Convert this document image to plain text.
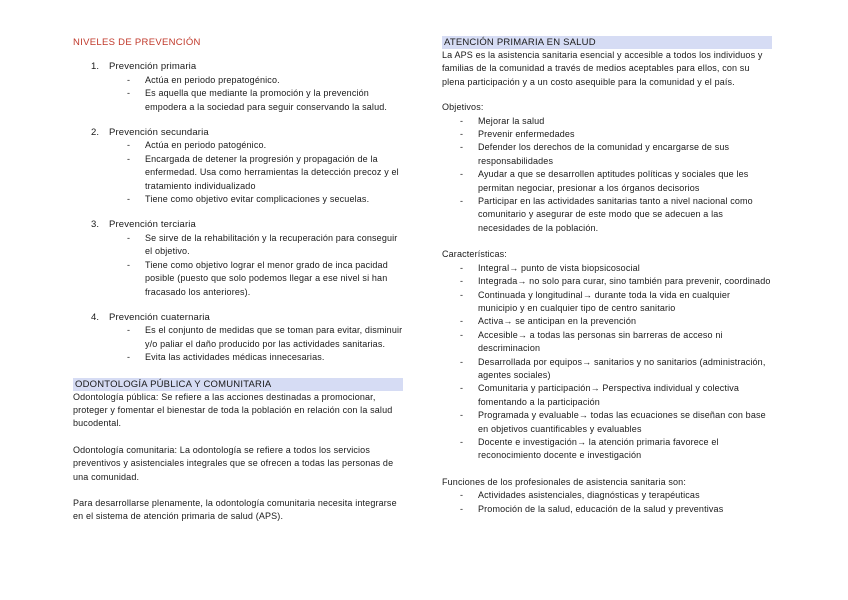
NIVELES DE PREVENCIÓN
1.	Prevención primaria
- Actúa en periodo prepatogénico.
- Es aquella que mediante la promoción y la prevención empodera a la sociedad para seguir conservando la salud.
2.	Prevención secundaria
- Actúa en periodo patogénico.
- Encargada de detener la progresión y propagación de la enfermedad. Usa como herramientas la detección precoz y el tratamiento individualizado
- Tiene como objetivo evitar complicaciones y secuelas.
3.	Prevención terciaria
- Se sirve de la rehabilitación y la recuperación para conseguir el objetivo.
- Tiene como objetivo lograr el menor grado de inca pacidad posible (puesto que solo podemos llegar a ese nivel si han fracasado los anteriores).
4.	Prevención cuaternaria
- Es el conjunto de medidas que se toman para evitar, disminuir y/o paliar el daño producido por las actividades sanitarias.
- Evita las actividades médicas innecesarias.
ODONTOLOGÍA PÚBLICA Y COMUNITARIA

Odontología pública: Se refiere a las acciones destinadas a promocionar, proteger y fomentar el bienestar de toda la población en relación con la salud bucodental.

Odontología comunitaria: La odontología se refiere a todos los servicios preventivos y asistenciales integrales que se ofrecen a todas las personas de una comunidad.

Para desarrollarse plenamente, la odontología comunitaria necesita integrarse en el sistema de atención primaria de salud (APS).

ATENCIÓN PRIMARIA EN SALUD

La APS es la asistencia sanitaria esencial y accesible a todos los individuos y familias de la comunidad a través de medios aceptables para ellos, con su plena participación y a un costo asequible para la comunidad y el país.

Objetivos:
- Mejorar la salud
- Prevenir enfermedades
- Defender los derechos de la comunidad y encargarse de sus responsabilidades
- Ayudar a que se desarrollen aptitudes políticas y sociales que les permitan negociar, presionar a los órganos decisorios
- Participar en las actividades sanitarias tanto a nivel nacional como comunitario y asegurar de este modo que se adecuen a las necesidades de la población.
Características:
- Integral→ punto de vista biopsicosocial
- Integrada→ no solo para curar, sino también para prevenir, coordinado
- Continuada y longitudinal→ durante toda la vida en cualquier municipio y en cualquier tipo de centro sanitario
- Activa→ se anticipan en la prevención
- Accesible→ a todas las personas sin barreras de acceso ni descriminacion
- Desarrollada por equipos→ sanitarios y no sanitarios (administración, agentes sociales)
- Comunitaria y participación→ Perspectiva individual y colectiva fomentando a la participación
- Programada y evaluable→ todas las ecuaciones se diseñan con base en objetivos cuantificables y evaluables
- Docente e investigación→ la atención primaria favorece el reconocimiento docente e investigación
Funciones de los profesionales de asistencia sanitaria son:
- Actividades asistenciales, diagnósticas y terapéuticas
- Promoción de la salud, educación de la salud y preventivas
